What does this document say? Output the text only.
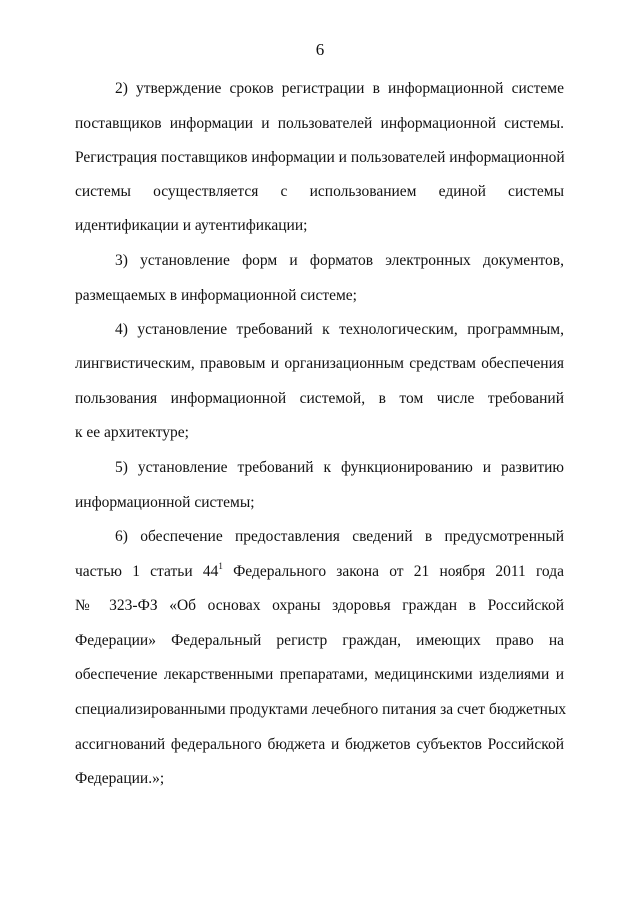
6
2) утверждение сроков регистрации в информационной системе
поставщиков информации и пользователей информационной системы.
Регистрация поставщиков информации и пользователей информационной
системы осуществляется с использованием единой системы
идентификации и аутентификации;
3) установление форм и форматов электронных документов,
размещаемых в информационной системе;
4) установление требований к технологическим, программным,
лингвистическим, правовым и организационным средствам обеспечения
пользования информационной системой, в том числе требований
к ее архитектуре;
5) установление требований к функционированию и развитию
информационной системы;
6) обеспечение предоставления сведений в предусмотренный
частью 1 статьи $44^1$ Федерального закона от 21 ноября 2011 года
№ 323-ФЗ «Об основах охраны здоровья граждан в Российской
Федерации» Федеральный регистр граждан, имеющих право на
обеспечение лекарственными препаратами, медицинскими изделиями и
специализированными продуктами лечебного питания за счет бюджетных
ассигнований федерального бюджета и бюджетов субъектов Российской
Федерации.»;
